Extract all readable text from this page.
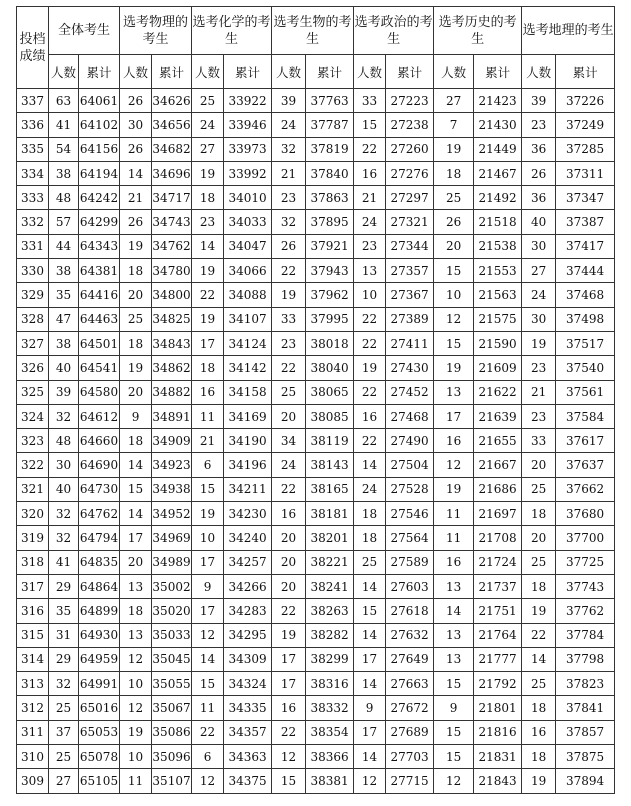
投档成绩	全体考生		选考物理的考生		选考化学的考生		选考生物的考生		选考政治的考生		选考历史的考生		选考地理的考生	
	人数	累计	人数	累计	人数	累计	人数	累计	人数	累计	人数	累计	人数	累计
337	63	64061	26	34626	25	33922	39	37763	33	27223	27	21423	39	37226
336	41	64102	30	34656	24	33946	24	37787	15	27238	7	21430	23	37249
335	54	64156	26	34682	27	33973	32	37819	22	27260	19	21449	36	37285
334	38	64194	14	34696	19	33992	21	37840	16	27276	18	21467	26	37311
333	48	64242	21	34717	18	34010	23	37863	21	27297	25	21492	36	37347
332	57	64299	26	34743	23	34033	32	37895	24	27321	26	21518	40	37387
331	44	64343	19	34762	14	34047	26	37921	23	27344	20	21538	30	37417
330	38	64381	18	34780	19	34066	22	37943	13	27357	15	21553	27	37444
329	35	64416	20	34800	22	34088	19	37962	10	27367	10	21563	24	37468
328	47	64463	25	34825	19	34107	33	37995	22	27389	12	21575	30	37498
327	38	64501	18	34843	17	34124	23	38018	22	27411	15	21590	19	37517
326	40	64541	19	34862	18	34142	22	38040	19	27430	19	21609	23	37540
325	39	64580	20	34882	16	34158	25	38065	22	27452	13	21622	21	37561
324	32	64612	9	34891	11	34169	20	38085	16	27468	17	21639	23	37584
323	48	64660	18	34909	21	34190	34	38119	22	27490	16	21655	33	37617
322	30	64690	14	34923	6	34196	24	38143	14	27504	12	21667	20	37637
321	40	64730	15	34938	15	34211	22	38165	24	27528	19	21686	25	37662
320	32	64762	14	34952	19	34230	16	38181	18	27546	11	21697	18	37680
319	32	64794	17	34969	10	34240	20	38201	18	27564	11	21708	20	37700
318	41	64835	20	34989	17	34257	20	38221	25	27589	16	21724	25	37725
317	29	64864	13	35002	9	34266	20	38241	14	27603	13	21737	18	37743
316	35	64899	18	35020	17	34283	22	38263	15	27618	14	21751	19	37762
315	31	64930	13	35033	12	34295	19	38282	14	27632	13	21764	22	37784
314	29	64959	12	35045	14	34309	17	38299	17	27649	13	21777	14	37798
313	32	64991	10	35055	15	34324	17	38316	14	27663	15	21792	25	37823
312	25	65016	12	35067	11	34335	16	38332	9	27672	9	21801	18	37841
311	37	65053	19	35086	22	34357	22	38354	17	27689	15	21816	16	37857
310	25	65078	10	35096	6	34363	12	38366	14	27703	15	21831	18	37875
309	27	65105	11	35107	12	34375	15	38381	12	27715	12	21843	19	37894
